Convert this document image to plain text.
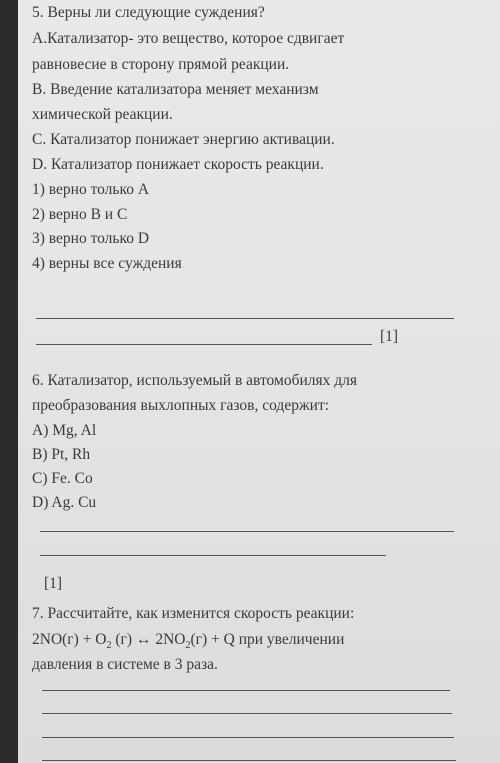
5. Верны ли следующие суждения?
А.Катализатор- это вещество, которое сдвигает
равновесие в сторону прямой реакции.
В. Введение катализатора меняет механизм
химической реакции.
С. Катализатор понижает энергию активации.
D. Катализатор понижает скорость реакции.
1) верно только А
2) верно В и С
3) верно только D
4) верны все суждения
[1]
6. Катализатор, используемый в автомобилях для
преобразования выхлопных газов, содержит:
A) Mg, Al
B) Pt, Rh
C) Fe. Co
D) Ag. Cu
[1]
7. Рассчитайте, как изменится скорость реакции:
$2NO(г) + O_2$ (г) ↔ $2NO_2(г) + Q$ при увеличении
давления в системе в 3 раза.
